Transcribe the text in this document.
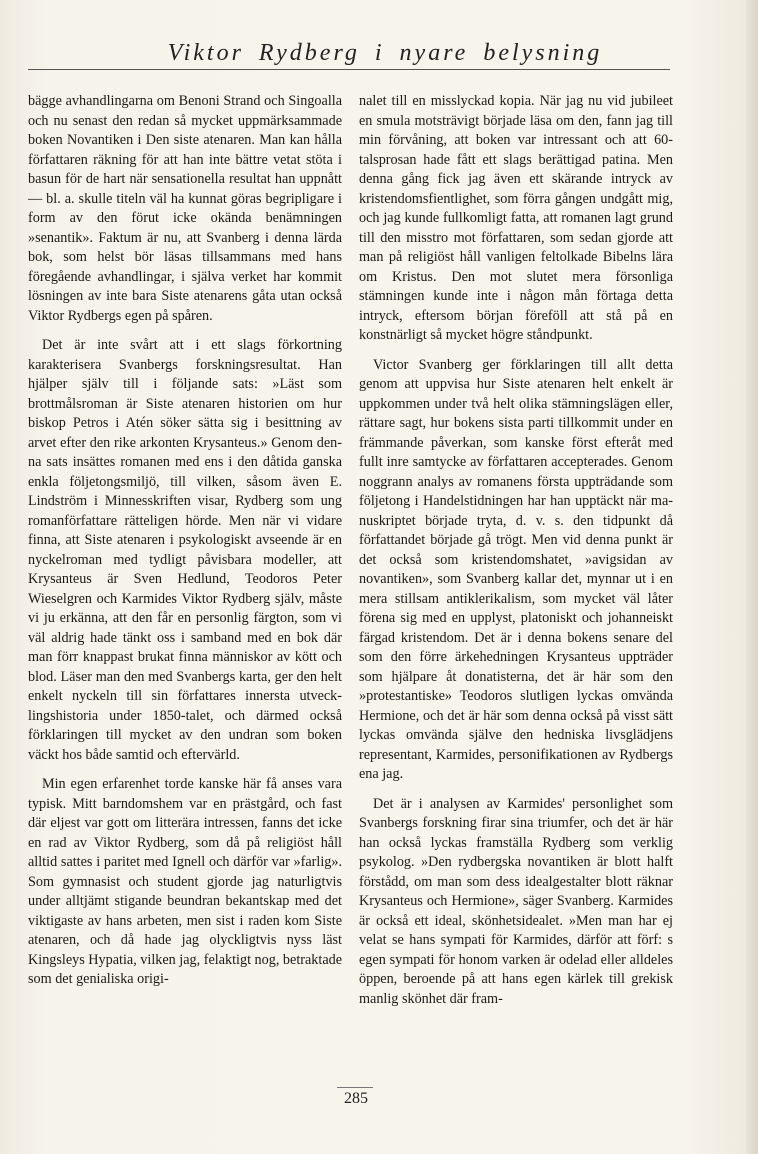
Viktor Rydberg i nyare belysning

bägge avhandlingarna om Benoni Strand och Singoalla och nu senast den redan så mycket uppmärksammade boken Novantiken i Den siste atenaren. Man kan hålla författaren räkning för att han inte bättre vetat stöta i basun för de hart när sensationella resultat han uppnått — bl. a. skulle titeln väl ha kunnat göras begripligare i form av den förut icke okända benämningen »senantik». Faktum är nu, att Svanberg i denna lärda bok, som helst bör läsas tillsammans med hans föregående avhandlingar, i själva verket har kommit lösningen av inte bara Siste atenarens gåta utan också Viktor Rydbergs egen på spåren.

Det är inte svårt att i ett slags förkortning karakterisera Svanbergs forskningsresultat. Han hjälper själv till i följande sats: »Läst som brottmålsroman är Siste atenaren historien om hur biskop Petros i Atén söker sätta sig i besittning av arvet efter den rike arkonten Krysanteus.» Genom denna sats insättes romanen med ens i den dåtida ganska enkla följetongsmiljö, till vilken, såsom även E. Lindström i Minnesskriften visar, Rydberg som ung romanförfattare rätteligen hörde. Men när vi vidare finna, att Siste atenaren i psykologiskt avseende är en nyckelroman med tydligt påvisbara modeller, att Krysanteus är Sven Hedlund, Teodoros Peter Wieselgren och Karmides Viktor Rydberg själv, måste vi ju erkänna, att den får en personlig färgton, som vi väl aldrig hade tänkt oss i samband med en bok där man förr knappast brukat finna människor av kött och blod. Läser man den med Svanbergs karta, ger den helt enkelt nyckeln till sin författares innersta utvecklingshistoria under 1850-talet, och därmed också förklaringen till mycket av den undran som boken väckt hos både samtid och eftervärld.

Min egen erfarenhet torde kanske här få anses vara typisk. Mitt barndomshem var en prästgård, och fast där eljest var gott om litterära intressen, fanns det icke en rad av Viktor Rydberg, som då på religiöst håll alltid sattes i paritet med Ignell och därför var »farlig». Som gymnasist och student gjorde jag naturligtvis under alltjämt stigande beundran bekantskap med det viktigaste av hans arbeten, men sist i raden kom Siste atenaren, och då hade jag olyckligtvis nyss läst Kingsleys Hypatia, vilken jag, felaktigt nog, betraktade som det genialiska origi-

nalet till en misslyckad kopia. När jag nu vid jubileet en smula motsträvigt började läsa om den, fann jag till min förvåning, att boken var intressant och att 60-talsprosan hade fått ett slags berättigad patina. Men denna gång fick jag även ett skärande intryck av kristendomsfientlighet, som förra gången undgått mig, och jag kunde fullkomligt fatta, att romanen lagt grund till den misstro mot författaren, som sedan gjorde att man på religiöst håll vanligen feltolkade Bibelns lära om Kristus. Den mot slutet mera försonliga stämningen kunde inte i någon mån förtaga detta intryck, eftersom början föreföll att stå på en konstnärligt så mycket högre ståndpunkt.

Victor Svanberg ger förklaringen till allt detta genom att uppvisa hur Siste atenaren helt enkelt är uppkommen under två helt olika stämningslägen eller, rättare sagt, hur bokens sista parti tillkommit under en främmande påverkan, som kanske först efteråt med fullt inre samtycke av författaren accepterades. Genom noggrann analys av romanens första uppträdande som följetong i Handelstidningen har han upptäckt när manuskriptet började tryta, d. v. s. den tidpunkt då författandet började gå trögt. Men vid denna punkt är det också som kristendomshatet, »avigsidan av novantiken», som Svanberg kallar det, mynnar ut i en mera stillsam antiklerikalism, som mycket väl låter förena sig med en upplyst, platoniskt och johanneiskt färgad kristendom. Det är i denna bokens senare del som den förre ärkehedningen Krysanteus uppträder som hjälpare åt donatisterna, det är här som den »protestantiske» Teodoros slutligen lyckas omvända Hermione, och det är här som denna också på visst sätt lyckas omvända själve den hedniska livsglädjens representant, Karmides, personifikationen av Rydbergs ena jag.

Det är i analysen av Karmides' personlighet som Svanbergs forskning firar sina triumfer, och det är här han också lyckas framställa Rydberg som verklig psykolog. »Den rydbergska novantiken är blott halft förstådd, om man som dess idealgestalter blott räknar Krysanteus och Hermione», säger Svanberg. Karmides är också ett ideal, skönhetsidealet. »Men man har ej velat se hans sympati för Karmides, därför att förf: s egen sympati för honom varken är odelad eller alldeles öppen, beroende på att hans egen kärlek till grekisk manlig skönhet där fram-

285
